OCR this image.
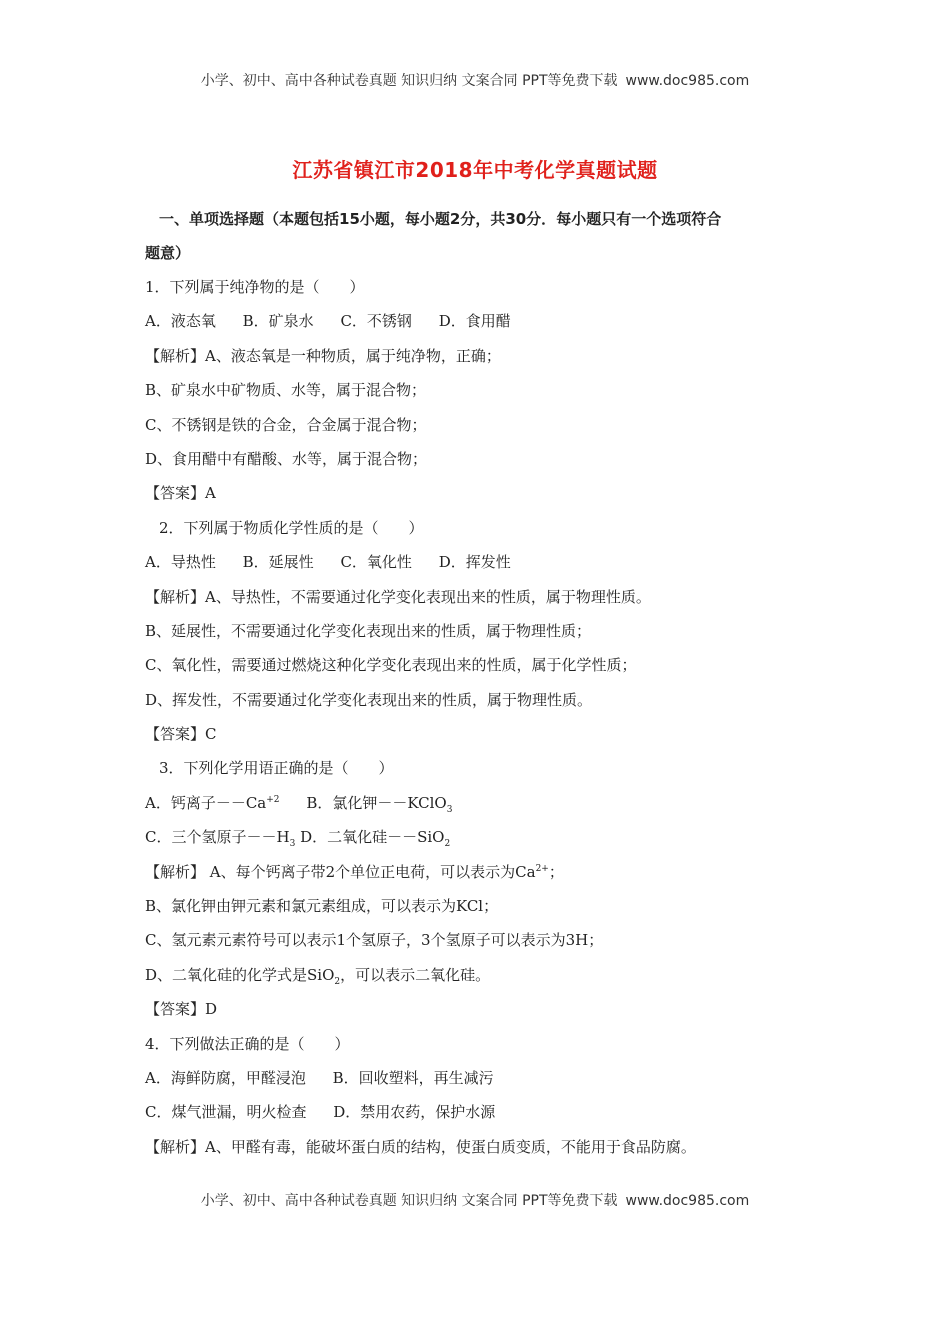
小学、初中、高中各种试卷真题 知识归纳 文案合同 PPT等免费下载 www.doc985.com
江苏省镇江市2018年中考化学真题试题
一、单项选择题（本题包括15小题，每小题2分，共30分．每小题只有一个选项符合
题意）
1．下列属于纯净物的是（　　）
A．液态氧 B．矿泉水 C．不锈钢 D．食用醋
【解析】A、液态氧是一种物质，属于纯净物，正确；
B、矿泉水中矿物质、水等，属于混合物；
C、不锈钢是铁的合金，合金属于混合物；
D、食用醋中有醋酸、水等，属于混合物；
【答案】A
2．下列属于物质化学性质的是（　　）
A．导热性 B．延展性 C．氧化性 D．挥发性
【解析】A、导热性，不需要通过化学变化表现出来的性质，属于物理性质。
B、延展性，不需要通过化学变化表现出来的性质，属于物理性质；
C、氧化性，需要通过燃烧这种化学变化表现出来的性质，属于化学性质；
D、挥发性，不需要通过化学变化表现出来的性质，属于物理性质。
【答案】C
3．下列化学用语正确的是（　　）
A．钙离子$--Ca^{+2}$ B．氯化钾－－KClO$_3$
C．三个氢原子$--H_3$ D．二氧化硅－－SiO$_2$
【解析】 A、每个钙离子带2个单位正电荷，可以表示为$Ca^{2+}$；
B、氯化钾由钾元素和氯元素组成，可以表示为KCl；
C、氢元素元素符号可以表示1个氢原子，3个氢原子可以表示为3H；
D、二氧化硅的化学式是SiO$_2$，可以表示二氧化硅。
【答案】D
4．下列做法正确的是（　　）
A．海鲜防腐，甲醛浸泡 B．回收塑料，再生减污
C．煤气泄漏，明火检查 D．禁用农药，保护水源
【解析】A、甲醛有毒，能破坏蛋白质的结构，使蛋白质变质，不能用于食品防腐。
小学、初中、高中各种试卷真题 知识归纳 文案合同 PPT等免费下载 www.doc985.com
